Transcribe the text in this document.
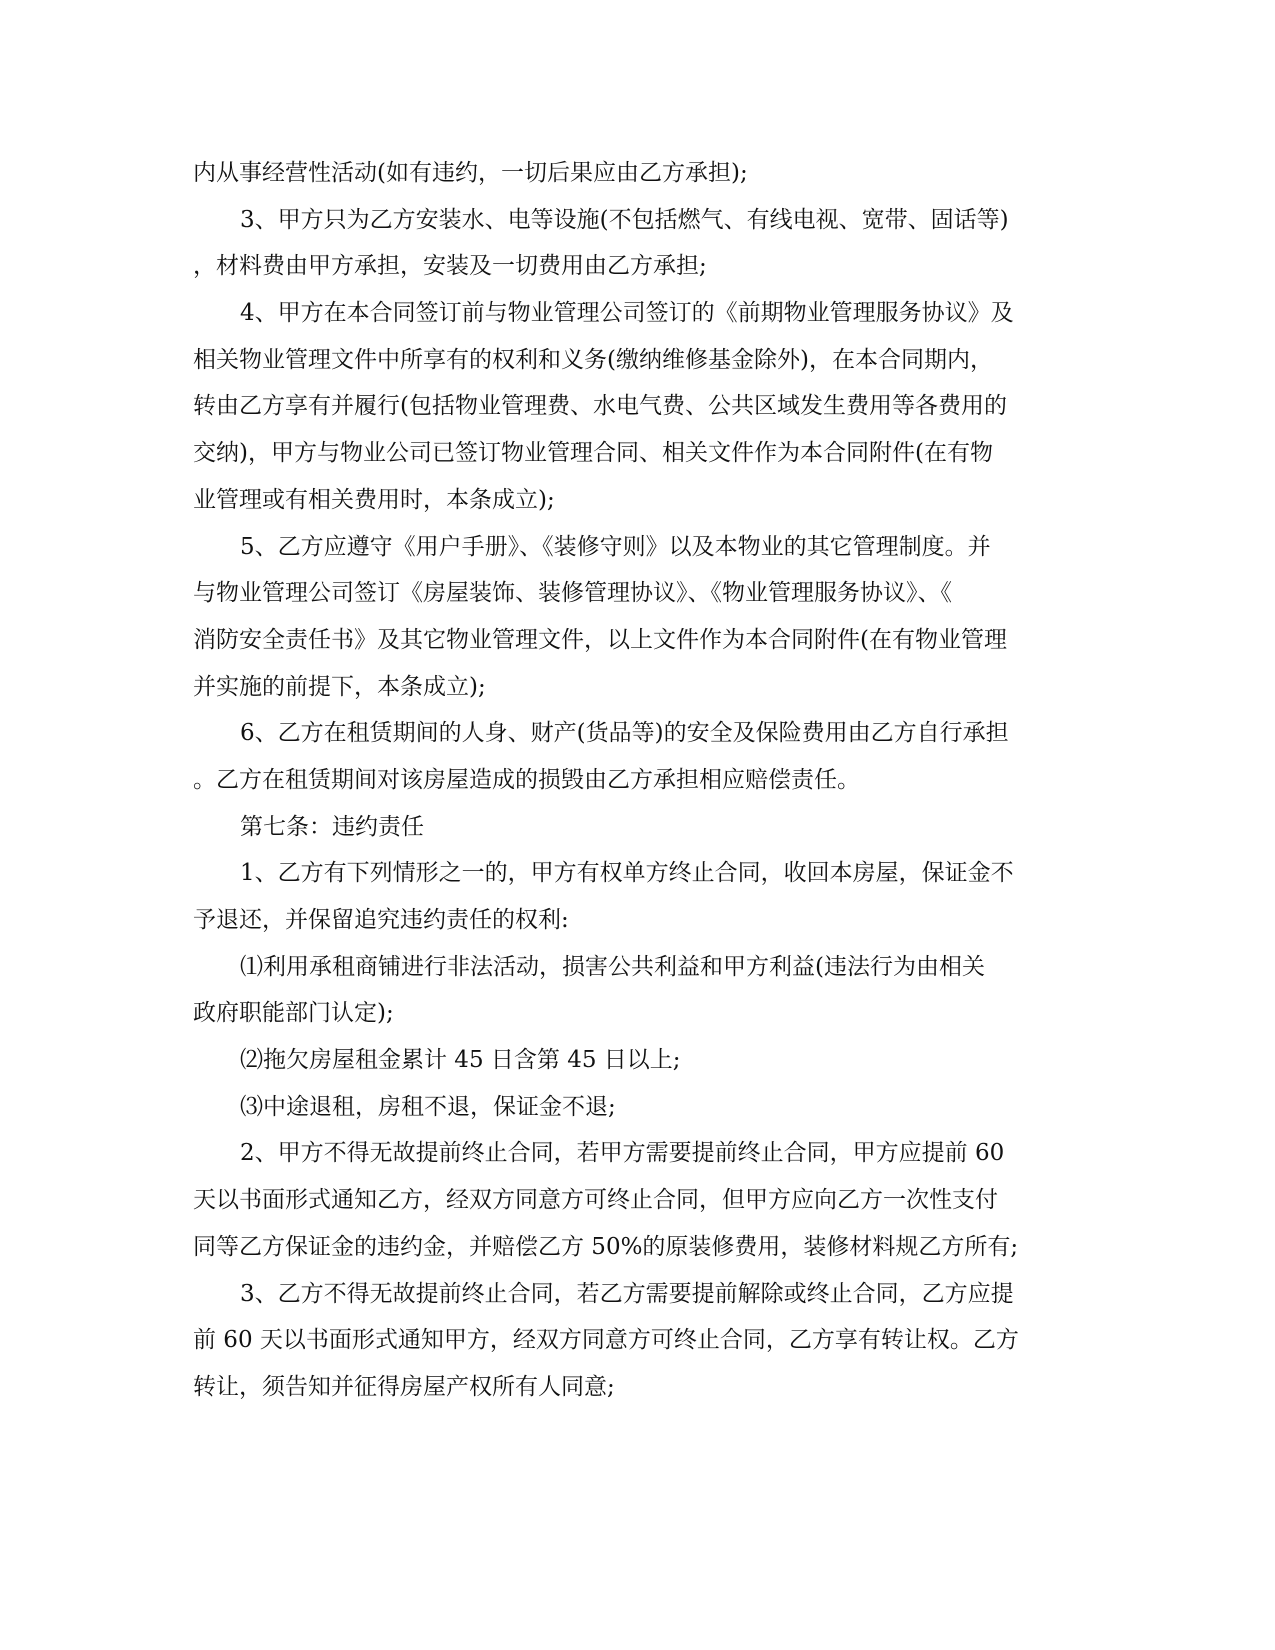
内从事经营性活动(如有违约，一切后果应由乙方承担);
3、甲方只为乙方安装水、电等设施(不包括燃气、有线电视、宽带、固话等)
，材料费由甲方承担，安装及一切费用由乙方承担;
4、甲方在本合同签订前与物业管理公司签订的《前期物业管理服务协议》及
相关物业管理文件中所享有的权利和义务(缴纳维修基金除外)，在本合同期内，
转由乙方享有并履行(包括物业管理费、水电气费、公共区域发生费用等各费用的
交纳)，甲方与物业公司已签订物业管理合同、相关文件作为本合同附件(在有物
业管理或有相关费用时，本条成立);
5、乙方应遵守《用户手册》、《装修守则》以及本物业的其它管理制度。并
与物业管理公司签订《房屋装饰、装修管理协议》、《物业管理服务协议》、《
消防安全责任书》及其它物业管理文件，以上文件作为本合同附件(在有物业管理
并实施的前提下，本条成立);
6、乙方在租赁期间的人身、财产(货品等)的安全及保险费用由乙方自行承担
。乙方在租赁期间对该房屋造成的损毁由乙方承担相应赔偿责任。
第七条：违约责任
1、乙方有下列情形之一的，甲方有权单方终止合同，收回本房屋，保证金不
予退还，并保留追究违约责任的权利:
⑴利用承租商铺进行非法活动，损害公共利益和甲方利益(违法行为由相关
政府职能部门认定);
⑵拖欠房屋租金累计 45 日含第 45 日以上;
⑶中途退租，房租不退，保证金不退;
2、甲方不得无故提前终止合同，若甲方需要提前终止合同，甲方应提前 60
天以书面形式通知乙方，经双方同意方可终止合同，但甲方应向乙方一次性支付
同等乙方保证金的违约金，并赔偿乙方 50%的原装修费用，装修材料规乙方所有;
3、乙方不得无故提前终止合同，若乙方需要提前解除或终止合同，乙方应提
前 60 天以书面形式通知甲方，经双方同意方可终止合同，乙方享有转让权。乙方
转让，须告知并征得房屋产权所有人同意;
